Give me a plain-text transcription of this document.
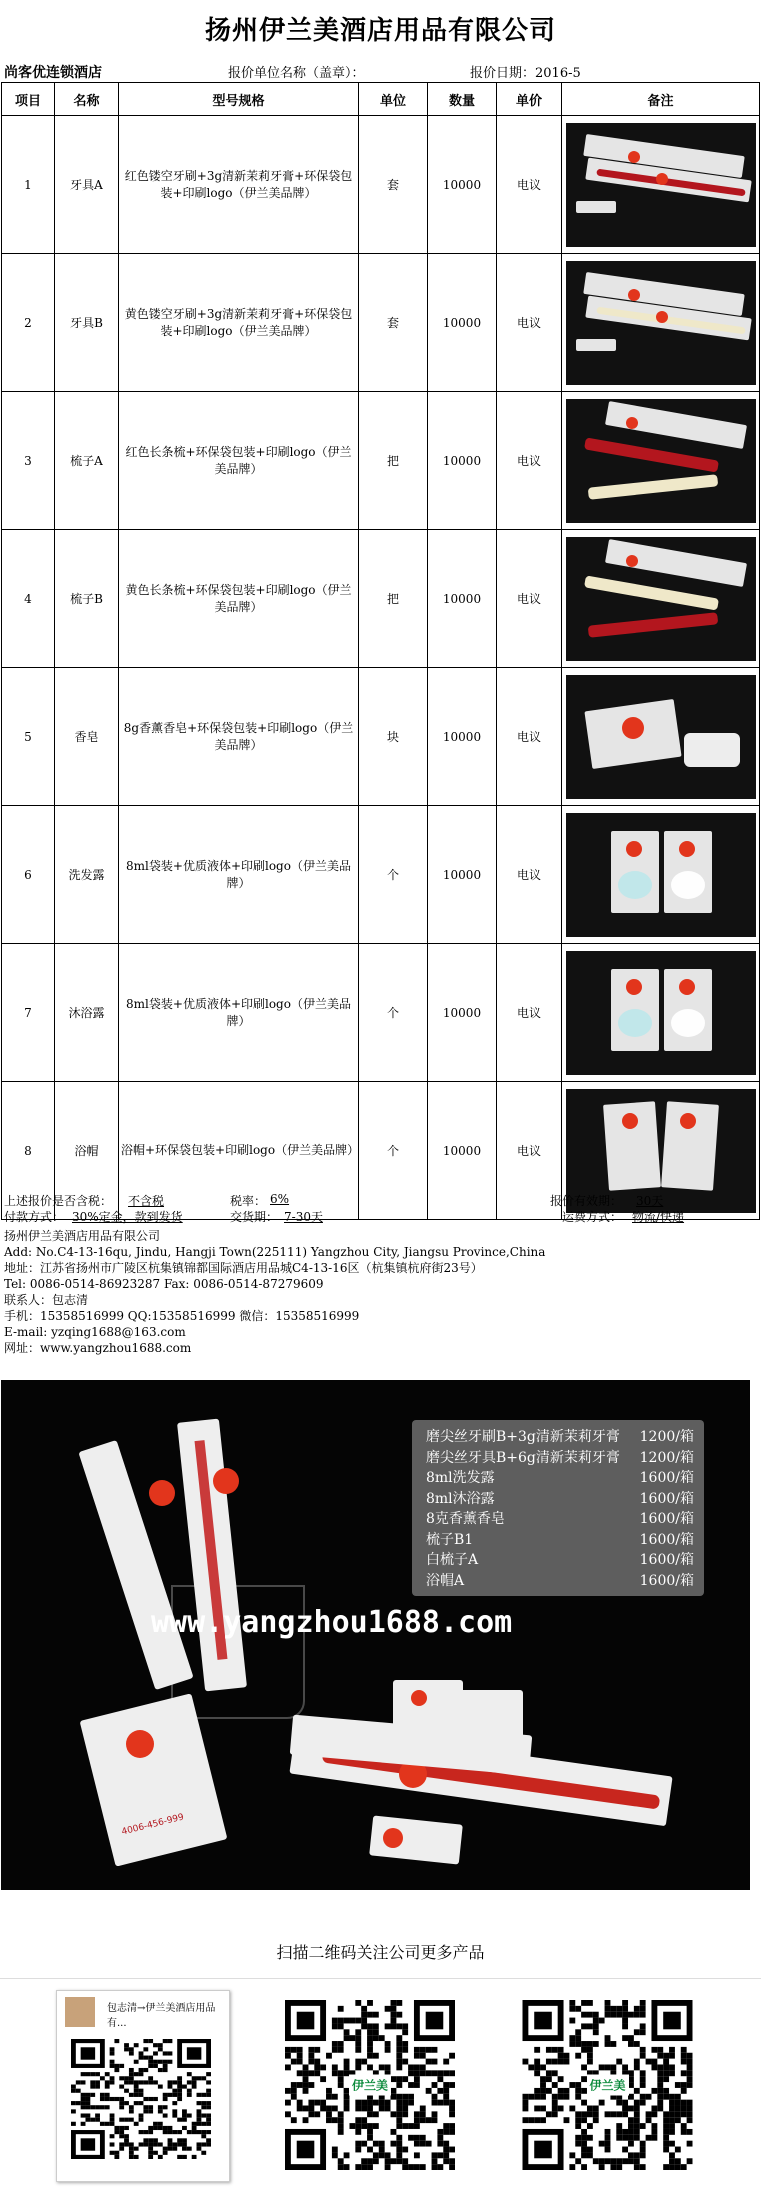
扬州伊兰美酒店用品有限公司
尚客优连锁酒店	报价单位名称（盖章）：	报价日期：2016-5
项目	名称	型号规格	单位	数量	单价	备注
1	牙具A	红色镂空牙刷+3g清新茉莉牙膏+环保袋包装+印刷logo（伊兰美品牌）	套	10000	电议	

2	牙具B	黄色镂空牙刷+3g清新茉莉牙膏+环保袋包装+印刷logo（伊兰美品牌）	套	10000	电议	

3	梳子A	红色长条梳+环保袋包装+印刷logo（伊兰美品牌）	把	10000	电议	

4	梳子B	黄色长条梳+环保袋包装+印刷logo（伊兰美品牌）	把	10000	电议	

5	香皂	8g香薰香皂+环保袋包装+印刷logo（伊兰美品牌）	块	10000	电议	

6	洗发露	8ml袋装+优质液体+印刷logo（伊兰美品牌）	个	10000	电议	

7	沐浴露	8ml袋装+优质液体+印刷logo（伊兰美品牌）	个	10000	电议	

8	浴帽	浴帽+环保袋包装+印刷logo（伊兰美品牌）	个	10000	电议	
上述报价是否含税： 不含税	税率： 6%	报价有效期： 30天
付款方式： 30%定金，款到发货	交货期： 7-30天	运费方式： 物流/快递
扬州伊兰美酒店用品有限公司
Add: No.C4-13-16qu, Jindu, Hangji Town(225111) Yangzhou City, Jiangsu Province,China
地址：江苏省扬州市广陵区杭集镇锦都国际酒店用品城C4-13-16区（杭集镇杭府街23号）
Tel: 0086-0514-86923287 Fax: 0086-0514-87279609
联系人：包志清
手机：15358516999 QQ:15358516999 微信：15358516999
E-mail: yzqing1688@163.com
网址：www.yangzhou1688.com
4006-456-999
磨尖丝牙刷B+3g清新茉莉牙膏 1200/箱
磨尖丝牙具B+6g清新茉莉牙膏 1200/箱
8ml洗发露	1600/箱
8ml沐浴露	1600/箱
8克香薰香皂	1600/箱
梳子B1	1600/箱
白梳子A	1600/箱
浴帽A	1600/箱
www.yangzhou1688.com
扫描二维码关注公司更多产品
包志清→伊兰美酒店用品有...
伊兰美	伊兰美
